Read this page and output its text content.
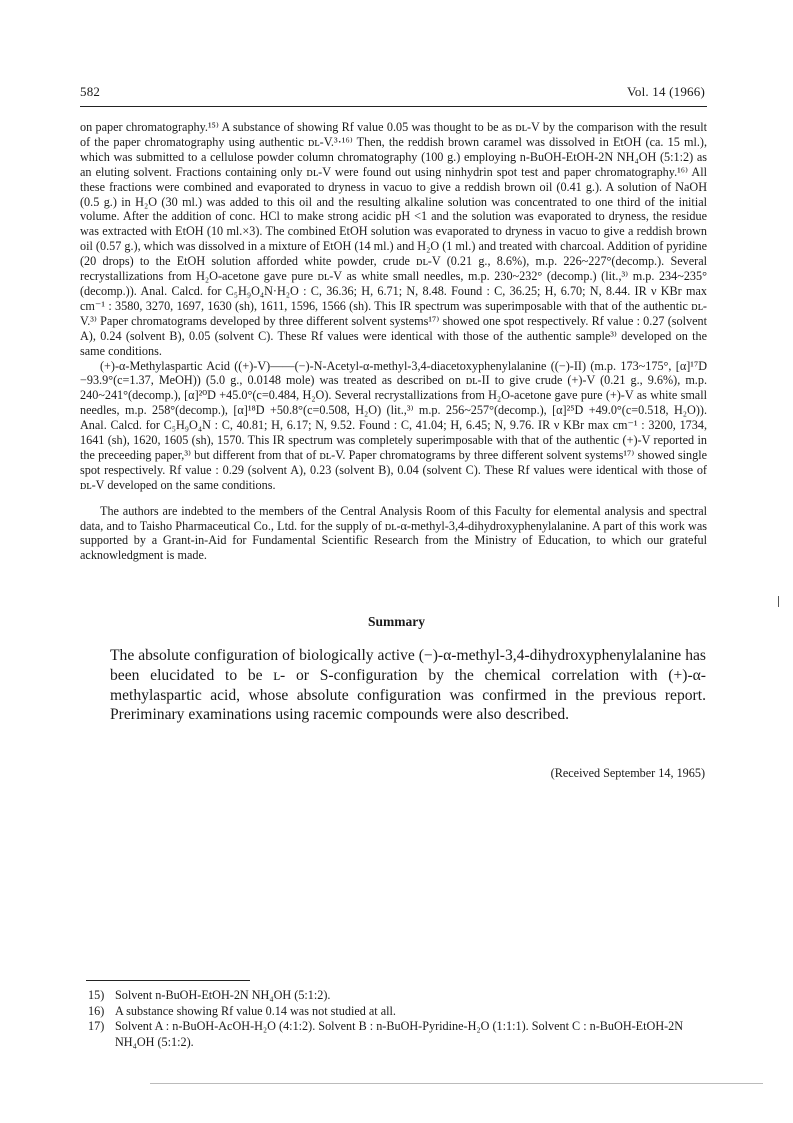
582	Vol. 14 (1966)

on paper chromatography.¹⁵⁾ A substance of showing Rf value 0.05 was thought to be as ᴅʟ-V by the comparison with the result of the paper chromatography using authentic ᴅʟ-V.³⋅¹⁶⁾ Then, the reddish brown caramel was dissolved in EtOH (ca. 15 ml.), which was submitted to a cellulose powder column chromatography (100 g.) employing n-BuOH-EtOH-2N NH₄OH (5:1:2) as an eluting solvent. Fractions containing only ᴅʟ-V were found out using ninhydrin spot test and paper chromatography.¹⁶⁾ All these fractions were combined and evaporated to dryness in vacuo to give a reddish brown oil (0.41 g.). A solution of NaOH (0.5 g.) in H₂O (30 ml.) was added to this oil and the resulting alkaline solution was concentrated to one third of the initial volume. After the addition of conc. HCl to make strong acidic pH <1 and the solution was evaporated to dryness, the residue was extracted with EtOH (10 ml.×3). The combined EtOH solution was evaporated to dryness in vacuo to give a reddish brown oil (0.57 g.), which was dissolved in a mixture of EtOH (14 ml.) and H₂O (1 ml.) and treated with charcoal. Addition of pyridine (20 drops) to the EtOH solution afforded white powder, crude ᴅʟ-V (0.21 g., 8.6%), m.p. 226~227°(decomp.). Several recrystallizations from H₂O-acetone gave pure ᴅʟ-V as white small needles, m.p. 230~232° (decomp.) (lit.,³⁾ m.p. 234~235°(decomp.)). Anal. Calcd. for C₅H₉O₄N·H₂O : C, 36.36; H, 6.71; N, 8.48. Found : C, 36.25; H, 6.70; N, 8.44. IR ν KBr max cm⁻¹ : 3580, 3270, 1697, 1630 (sh), 1611, 1596, 1566 (sh). This IR spectrum was superimposable with that of the authentic ᴅʟ-V.³⁾ Paper chromatograms developed by three different solvent systems¹⁷⁾ showed one spot respectively. Rf value : 0.27 (solvent A), 0.24 (solvent B), 0.05 (solvent C). These Rf values were identical with those of the authentic sample³⁾ developed on the same conditions.

(+)-α-Methylaspartic Acid ((+)-V)——(−)-N-Acetyl-α-methyl-3,4-diacetoxyphenylalanine ((−)-II) (m.p. 173~175°, [α]¹⁷D −93.9°(c=1.37, MeOH)) (5.0 g., 0.0148 mole) was treated as described on ᴅʟ-II to give crude (+)-V (0.21 g., 9.6%), m.p. 240~241°(decomp.), [α]²⁰D +45.0°(c=0.484, H₂O). Several recrystallizations from H₂O-acetone gave pure (+)-V as white small needles, m.p. 258°(decomp.), [α]¹⁸D +50.8°(c=0.508, H₂O) (lit.,³⁾ m.p. 256~257°(decomp.), [α]²⁵D +49.0°(c=0.518, H₂O)). Anal. Calcd. for C₅H₉O₄N : C, 40.81; H, 6.17; N, 9.52. Found : C, 41.04; H, 6.45; N, 9.76. IR ν KBr max cm⁻¹ : 3200, 1734, 1641 (sh), 1620, 1605 (sh), 1570. This IR spectrum was completely superimposable with that of the authentic (+)-V reported in the preceeding paper,³⁾ but different from that of ᴅʟ-V. Paper chromatograms by three different solvent systems¹⁷⁾ showed single spot respectively. Rf value : 0.29 (solvent A), 0.23 (solvent B), 0.04 (solvent C). These Rf values were identical with those of ᴅʟ-V developed on the same conditions.

The authors are indebted to the members of the Central Analysis Room of this Faculty for elemental analysis and spectral data, and to Taisho Pharmaceutical Co., Ltd. for the supply of ᴅʟ-α-methyl-3,4-dihydroxyphenylalanine. A part of this work was supported by a Grant-in-Aid for Fundamental Scientific Research from the Ministry of Education, to which our grateful acknowledgment is made.

Summary

The absolute configuration of biologically active (−)-α-methyl-3,4-dihydroxyphenylalanine has been elucidated to be ʟ- or S-configuration by the chemical correlation with (+)-α-methylaspartic acid, whose absolute configuration was confirmed in the previous report. Preriminary examinations using racemic compounds were also described.

(Received September 14, 1965)
15) Solvent n-BuOH-EtOH-2N NH₄OH (5:1:2).
16) A substance showing Rf value 0.14 was not studied at all.
17) Solvent A : n-BuOH-AcOH-H₂O (4:1:2). Solvent B : n-BuOH-Pyridine-H₂O (1:1:1). Solvent C : n-BuOH-EtOH-2N NH₄OH (5:1:2).
